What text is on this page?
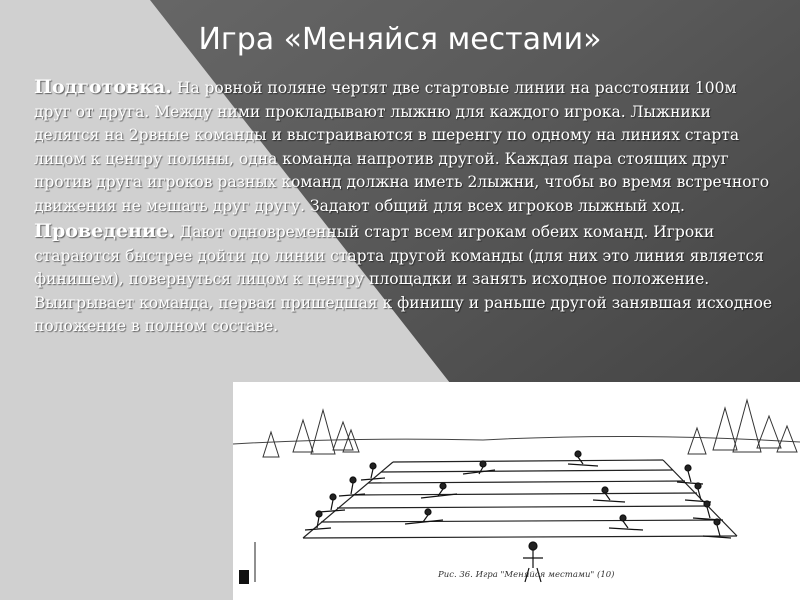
Игра «Меняйся местами»

Подготовка. На ровной поляне чертят две стартовые линии на расстоянии 100м друг от друга. Между ними прокладывают лыжню для каждого игрока. Лыжники делятся на 2рвные команды и выстраиваются в шеренгу по одному на линиях старта лицом к центру поляны, одна команда напротив другой. Каждая пара стоящих друг против друга игроков разных команд должна иметь 2лыжни, чтобы во время встречного движения не мешать друг другу. Задают общий для всех игроков лыжный ход.

Проведение. Дают одновременный старт всем игрокам обеих команд. Игроки стараются быстрее дойти до линии старта другой команды (для них это линия является финишем), повернуться лицом к центру площадки и занять исходное положение. Выигрывает команда, первая пришедшая к финишу и раньше другой занявшая исходное положение в полном составе.

Рис. 36. Игра "Меняйся местами" (10)
